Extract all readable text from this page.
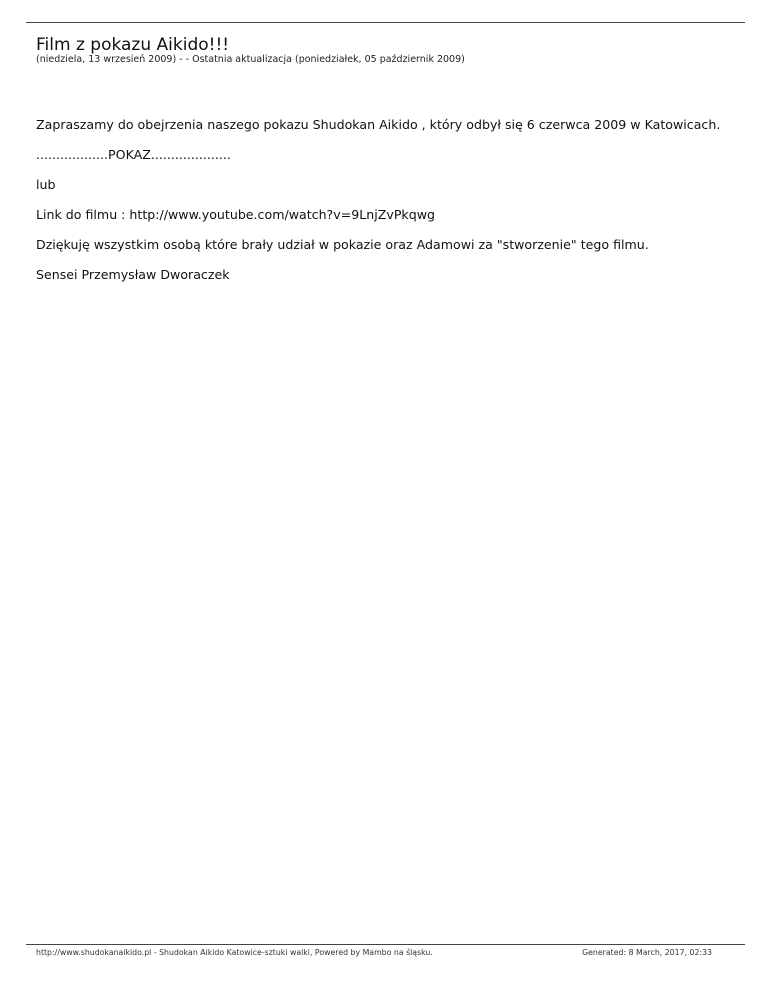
Film z pokazu Aikido!!!
(niedziela, 13 wrzesień 2009) - - Ostatnia aktualizacja (poniedziałek, 05 październik 2009)

Zapraszamy do obejrzenia naszego pokazu Shudokan Aikido , który odbył się 6 czerwca 2009 w Katowicach.

..................POKAZ....................

lub

Link do filmu : http://www.youtube.com/watch?v=9LnjZvPkqwg

Dziękuję wszystkim osobą które brały udział w pokazie oraz Adamowi za "stworzenie" tego filmu.

Sensei Przemysław Dworaczek

http://www.shudokanaikido.pl - Shudokan Aikido Katowice-sztuki walki, Powered by Mambo na śląsku.	Generated: 8 March, 2017, 02:33
